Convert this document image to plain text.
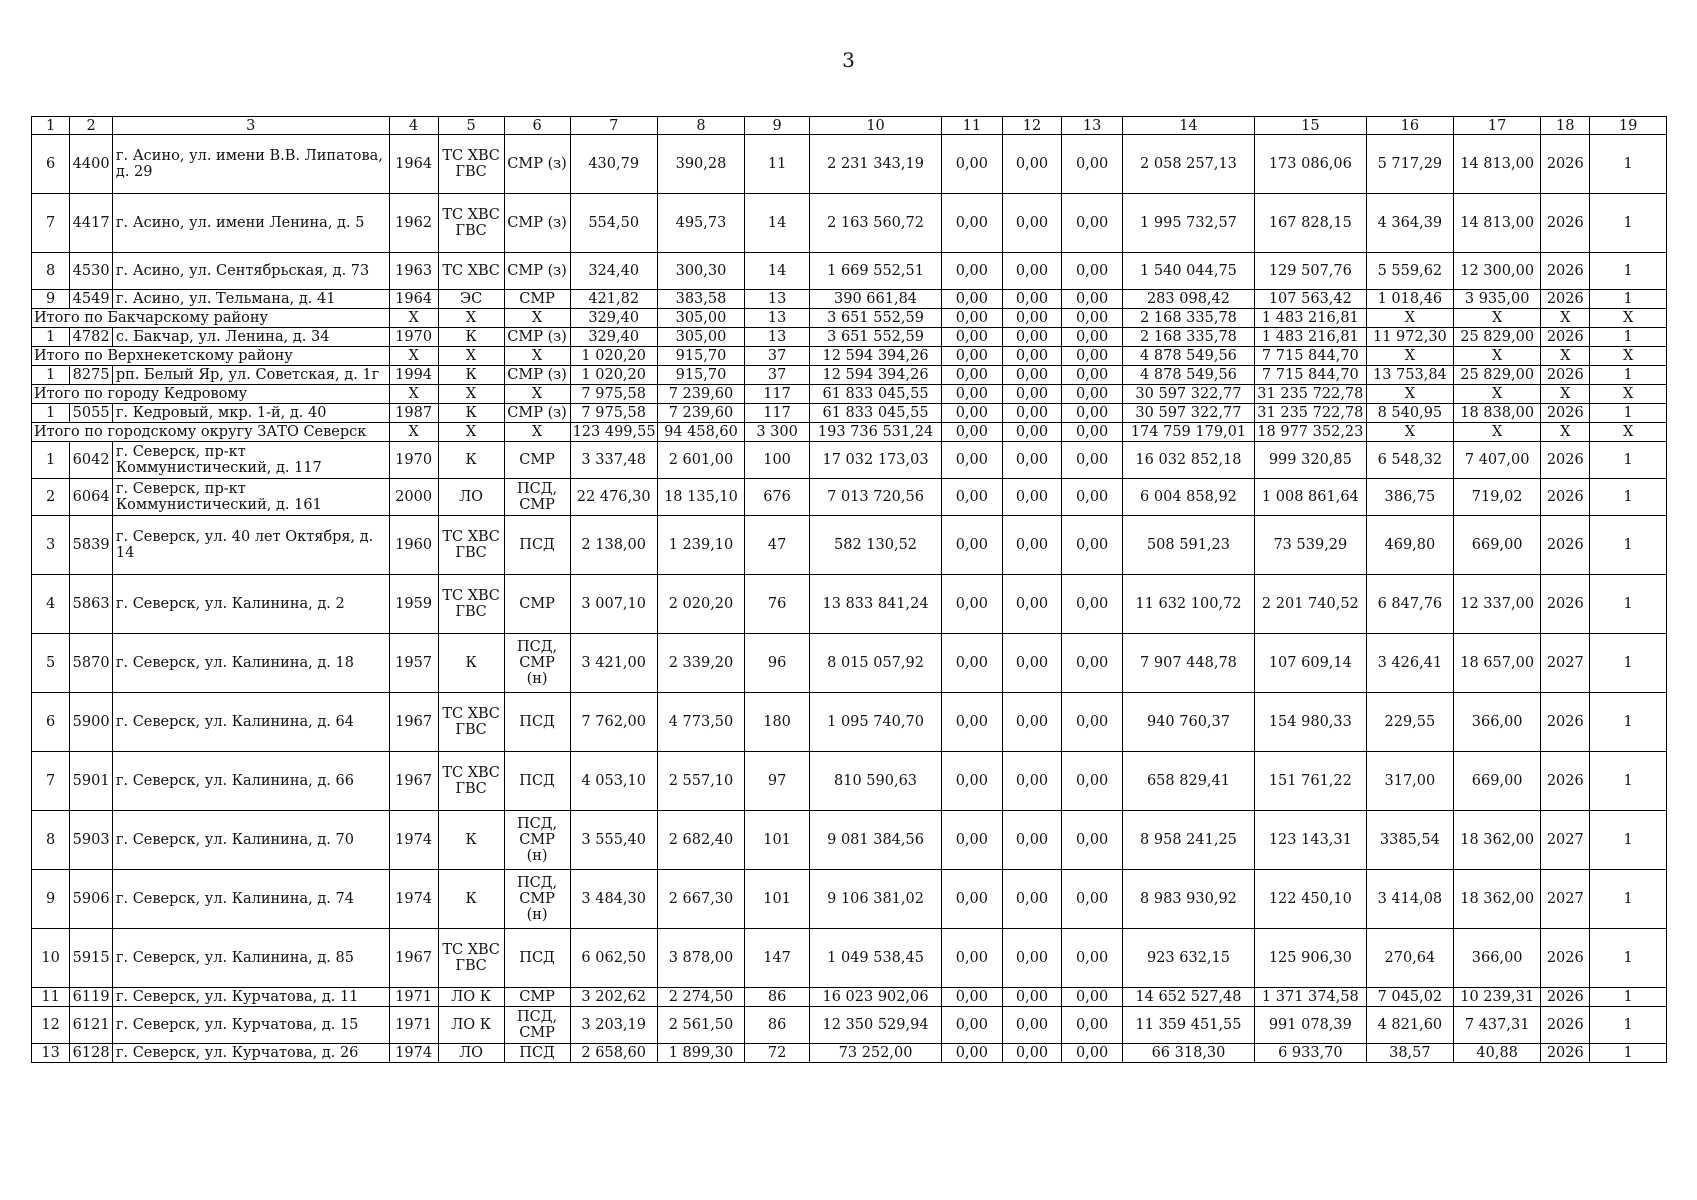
3
1	2	3	4	5	6	7	8	9	10	11	12	13	14	15	16	17	18	19
6	4400	г. Асино, ул. имени В.В. Липатова, д. 29	1964	ТС ХВС ГВС	СМР (з)	430,79	390,28	11	2 231 343,19	0,00	0,00	0,00	2 058 257,13	173 086,06	5 717,29	14 813,00	2026	1
7	4417	г. Асино, ул. имени Ленина, д. 5	1962	ТС ХВС ГВС	СМР (з)	554,50	495,73	14	2 163 560,72	0,00	0,00	0,00	1 995 732,57	167 828,15	4 364,39	14 813,00	2026	1
8	4530	г. Асино, ул. Сентябрьская, д. 73	1963	ТС ХВС	СМР (з)	324,40	300,30	14	1 669 552,51	0,00	0,00	0,00	1 540 044,75	129 507,76	5 559,62	12 300,00	2026	1
9	4549	г. Асино, ул. Тельмана, д. 41	1964	ЭС	СМР	421,82	383,58	13	390 661,84	0,00	0,00	0,00	283 098,42	107 563,42	1 018,46	3 935,00	2026	1
Итого по Бакчарскому району			Х	Х	Х	329,40	305,00	13	3 651 552,59	0,00	0,00	0,00	2 168 335,78	1 483 216,81	Х	Х	Х	Х
1	4782	с. Бакчар, ул. Ленина, д. 34	1970	К	СМР (з)	329,40	305,00	13	3 651 552,59	0,00	0,00	0,00	2 168 335,78	1 483 216,81	11 972,30	25 829,00	2026	1
Итого по Верхнекетскому району			Х	Х	Х	1 020,20	915,70	37	12 594 394,26	0,00	0,00	0,00	4 878 549,56	7 715 844,70	Х	Х	Х	Х
1	8275	рп. Белый Яр, ул. Советская, д. 1г	1994	К	СМР (з)	1 020,20	915,70	37	12 594 394,26	0,00	0,00	0,00	4 878 549,56	7 715 844,70	13 753,84	25 829,00	2026	1
Итого по городу Кедровому			Х	Х	Х	7 975,58	7 239,60	117	61 833 045,55	0,00	0,00	0,00	30 597 322,77	31 235 722,78	Х	Х	Х	Х
1	5055	г. Кедровый, мкр. 1-й, д. 40	1987	К	СМР (з)	7 975,58	7 239,60	117	61 833 045,55	0,00	0,00	0,00	30 597 322,77	31 235 722,78	8 540,95	18 838,00	2026	1
Итого по городскому округу ЗАТО Северск			Х	Х	Х	123 499,55	94 458,60	3 300	193 736 531,24	0,00	0,00	0,00	174 759 179,01	18 977 352,23	Х	Х	Х	Х
1	6042	г. Северск, пр-кт Коммунистический, д. 117	1970	К	СМР	3 337,48	2 601,00	100	17 032 173,03	0,00	0,00	0,00	16 032 852,18	999 320,85	6 548,32	7 407,00	2026	1
2	6064	г. Северск, пр-кт Коммунистический, д. 161	2000	ЛО	ПСД, СМР	22 476,30	18 135,10	676	7 013 720,56	0,00	0,00	0,00	6 004 858,92	1 008 861,64	386,75	719,02	2026	1
3	5839	г. Северск, ул. 40 лет Октября, д. 14	1960	ТС ХВС ГВС	ПСД	2 138,00	1 239,10	47	582 130,52	0,00	0,00	0,00	508 591,23	73 539,29	469,80	669,00	2026	1
4	5863	г. Северск, ул. Калинина, д. 2	1959	ТС ХВС ГВС	СМР	3 007,10	2 020,20	76	13 833 841,24	0,00	0,00	0,00	11 632 100,72	2 201 740,52	6 847,76	12 337,00	2026	1
5	5870	г. Северск, ул. Калинина, д. 18	1957	К	ПСД, СМР (н)	3 421,00	2 339,20	96	8 015 057,92	0,00	0,00	0,00	7 907 448,78	107 609,14	3 426,41	18 657,00	2027	1
6	5900	г. Северск, ул. Калинина, д. 64	1967	ТС ХВС ГВС	ПСД	7 762,00	4 773,50	180	1 095 740,70	0,00	0,00	0,00	940 760,37	154 980,33	229,55	366,00	2026	1
7	5901	г. Северск, ул. Калинина, д. 66	1967	ТС ХВС ГВС	ПСД	4 053,10	2 557,10	97	810 590,63	0,00	0,00	0,00	658 829,41	151 761,22	317,00	669,00	2026	1
8	5903	г. Северск, ул. Калинина, д. 70	1974	К	ПСД, СМР (н)	3 555,40	2 682,40	101	9 081 384,56	0,00	0,00	0,00	8 958 241,25	123 143,31	3385,54	18 362,00	2027	1
9	5906	г. Северск, ул. Калинина, д. 74	1974	К	ПСД, СМР (н)	3 484,30	2 667,30	101	9 106 381,02	0,00	0,00	0,00	8 983 930,92	122 450,10	3 414,08	18 362,00	2027	1
10	5915	г. Северск, ул. Калинина, д. 85	1967	ТС ХВС ГВС	ПСД	6 062,50	3 878,00	147	1 049 538,45	0,00	0,00	0,00	923 632,15	125 906,30	270,64	366,00	2026	1
11	6119	г. Северск, ул. Курчатова, д. 11	1971	ЛО К	СМР	3 202,62	2 274,50	86	16 023 902,06	0,00	0,00	0,00	14 652 527,48	1 371 374,58	7 045,02	10 239,31	2026	1
12	6121	г. Северск, ул. Курчатова, д. 15	1971	ЛО К	ПСД, СМР	3 203,19	2 561,50	86	12 350 529,94	0,00	0,00	0,00	11 359 451,55	991 078,39	4 821,60	7 437,31	2026	1
13	6128	г. Северск, ул. Курчатова, д. 26	1974	ЛО	ПСД	2 658,60	1 899,30	72	73 252,00	0,00	0,00	0,00	66 318,30	6 933,70	38,57	40,88	2026	1
